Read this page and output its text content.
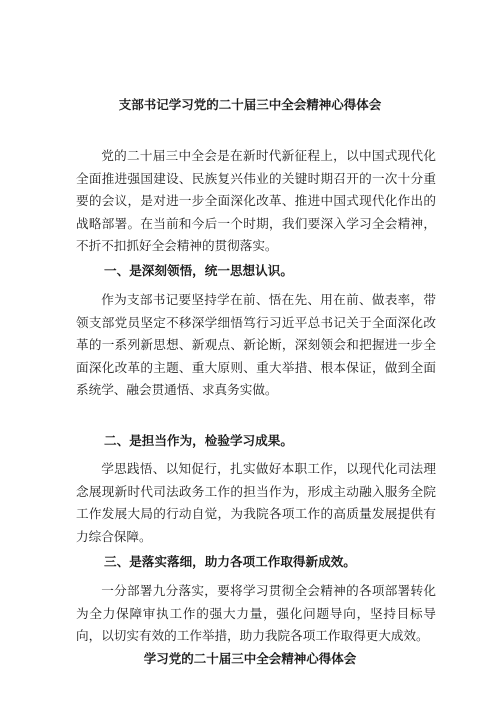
支部书记学习党的二十届三中全会精神心得体会

党的二十届三中全会是在新时代新征程上，以中国式现代化全面推进强国建设、民族复兴伟业的关键时期召开的一次十分重要的会议，是对进一步全面深化改革、推进中国式现代化作出的战略部署。在当前和今后一个时期，我们要深入学习全会精神，不折不扣抓好全会精神的贯彻落实。

一、是深刻领悟，统一思想认识。

作为支部书记要坚持学在前、悟在先、用在前、做表率，带领支部党员坚定不移深学细悟笃行习近平总书记关于全面深化改革的一系列新思想、新观点、新论断，深刻领会和把握进一步全面深化改革的主题、重大原则、重大举措、根本保证，做到全面系统学、融会贯通悟、求真务实做。

二、是担当作为，检验学习成果。

学思践悟、以知促行，扎实做好本职工作，以现代化司法理念展现新时代司法政务工作的担当作为，形成主动融入服务全院工作发展大局的行动自觉，为我院各项工作的高质量发展提供有力综合保障。

三、是落实落细，助力各项工作取得新成效。

一分部署九分落实，要将学习贯彻全会精神的各项部署转化为全力保障审执工作的强大力量，强化问题导向，坚持目标导向，以切实有效的工作举措，助力我院各项工作取得更大成效。

学习党的二十届三中全会精神心得体会
